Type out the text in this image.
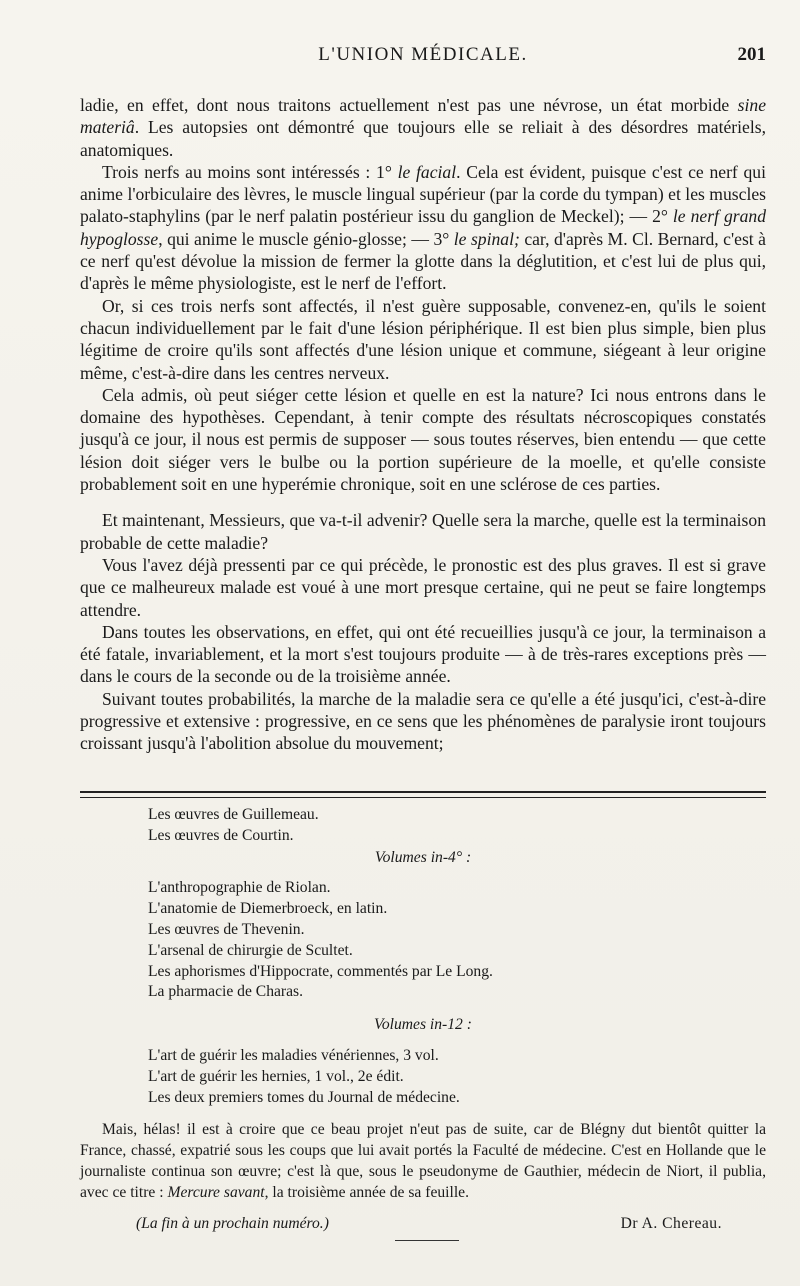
L'UNION MÉDICALE.	201

ladie, en effet, dont nous traitons actuellement n'est pas une névrose, un état morbide sine materiâ. Les autopsies ont démontré que toujours elle se reliait à des désordres matériels, anatomiques.

Trois nerfs au moins sont intéressés : 1° le facial. Cela est évident, puisque c'est ce nerf qui anime l'orbiculaire des lèvres, le muscle lingual supérieur (par la corde du tympan) et les muscles palato-staphylins (par le nerf palatin postérieur issu du ganglion de Meckel); — 2° le nerf grand hypoglosse, qui anime le muscle génio-glosse; — 3° le spinal; car, d'après M. Cl. Bernard, c'est à ce nerf qu'est dévolue la mission de fermer la glotte dans la déglutition, et c'est lui de plus qui, d'après le même physiologiste, est le nerf de l'effort.

Or, si ces trois nerfs sont affectés, il n'est guère supposable, convenez-en, qu'ils le soient chacun individuellement par le fait d'une lésion périphérique. Il est bien plus simple, bien plus légitime de croire qu'ils sont affectés d'une lésion unique et commune, siégeant à leur origine même, c'est-à-dire dans les centres nerveux.

Cela admis, où peut siéger cette lésion et quelle en est la nature? Ici nous entrons dans le domaine des hypothèses. Cependant, à tenir compte des résultats nécroscopiques constatés jusqu'à ce jour, il nous est permis de supposer — sous toutes réserves, bien entendu — que cette lésion doit siéger vers le bulbe ou la portion supérieure de la moelle, et qu'elle consiste probablement soit en une hyperémie chronique, soit en une sclérose de ces parties.

Et maintenant, Messieurs, que va-t-il advenir? Quelle sera la marche, quelle est la terminaison probable de cette maladie?

Vous l'avez déjà pressenti par ce qui précède, le pronostic est des plus graves. Il est si grave que ce malheureux malade est voué à une mort presque certaine, qui ne peut se faire longtemps attendre.

Dans toutes les observations, en effet, qui ont été recueillies jusqu'à ce jour, la terminaison a été fatale, invariablement, et la mort s'est toujours produite — à de très-rares exceptions près — dans le cours de la seconde ou de la troisième année.

Suivant toutes probabilités, la marche de la maladie sera ce qu'elle a été jusqu'ici, c'est-à-dire progressive et extensive : progressive, en ce sens que les phénomènes de paralysie iront toujours croissant jusqu'à l'abolition absolue du mouvement;

Les œuvres de Guillemeau.
Les œuvres de Courtin.
Volumes in-4° :
L'anthropographie de Riolan.
L'anatomie de Diemerbroeck, en latin.
Les œuvres de Thevenin.
L'arsenal de chirurgie de Scultet.
Les aphorismes d'Hippocrate, commentés par Le Long.
La pharmacie de Charas.
Volumes in-12 :
L'art de guérir les maladies vénériennes, 3 vol.
L'art de guérir les hernies, 1 vol., 2e édit.
Les deux premiers tomes du Journal de médecine.

Mais, hélas! il est à croire que ce beau projet n'eut pas de suite, car de Blégny dut bientôt quitter la France, chassé, expatrié sous les coups que lui avait portés la Faculté de médecine. C'est en Hollande que le journaliste continua son œuvre; c'est là que, sous le pseudonyme de Gauthier, médecin de Niort, il publia, avec ce titre : Mercure savant, la troisième année de sa feuille.

(La fin à un prochain numéro.)	Dr A. Chereau.
